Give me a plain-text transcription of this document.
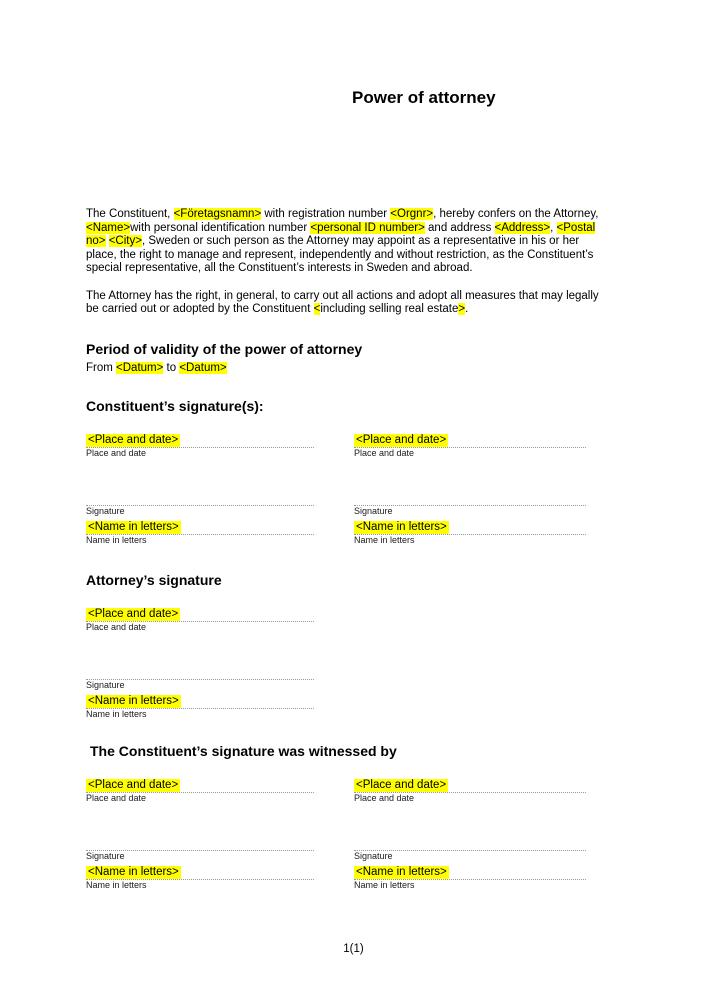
Power of attorney
The Constituent, <Företagsnamn> with registration number <Orgnr>, hereby confers on the Attorney,
<Name>with personal identification number <personal ID number> and address <Address>, <Postal
no> <City>, Sweden or such person as the Attorney may appoint as a representative in his or her
place, the right to manage and represent, independently and without restriction, as the Constituent’s
special representative, all the Constituent’s interests in Sweden and abroad.
The Attorney has the right, in general, to carry out all actions and adopt all measures that may legally
be carried out or adopted by the Constituent <including selling real estate>.
Period of validity of the power of attorney
From <Datum> to <Datum>
Constituent’s signature(s):
<Place and date>
Place and date
Signature
<Name in letters>
Name in letters
<Place and date>
Place and date
Signature
<Name in letters>
Name in letters
Attorney’s signature
<Place and date>
Place and date
Signature
<Name in letters>
Name in letters
The Constituent’s signature was witnessed by
<Place and date>
Place and date
Signature
<Name in letters>
Name in letters
<Place and date>
Place and date
Signature
<Name in letters>
Name in letters
1(1)
